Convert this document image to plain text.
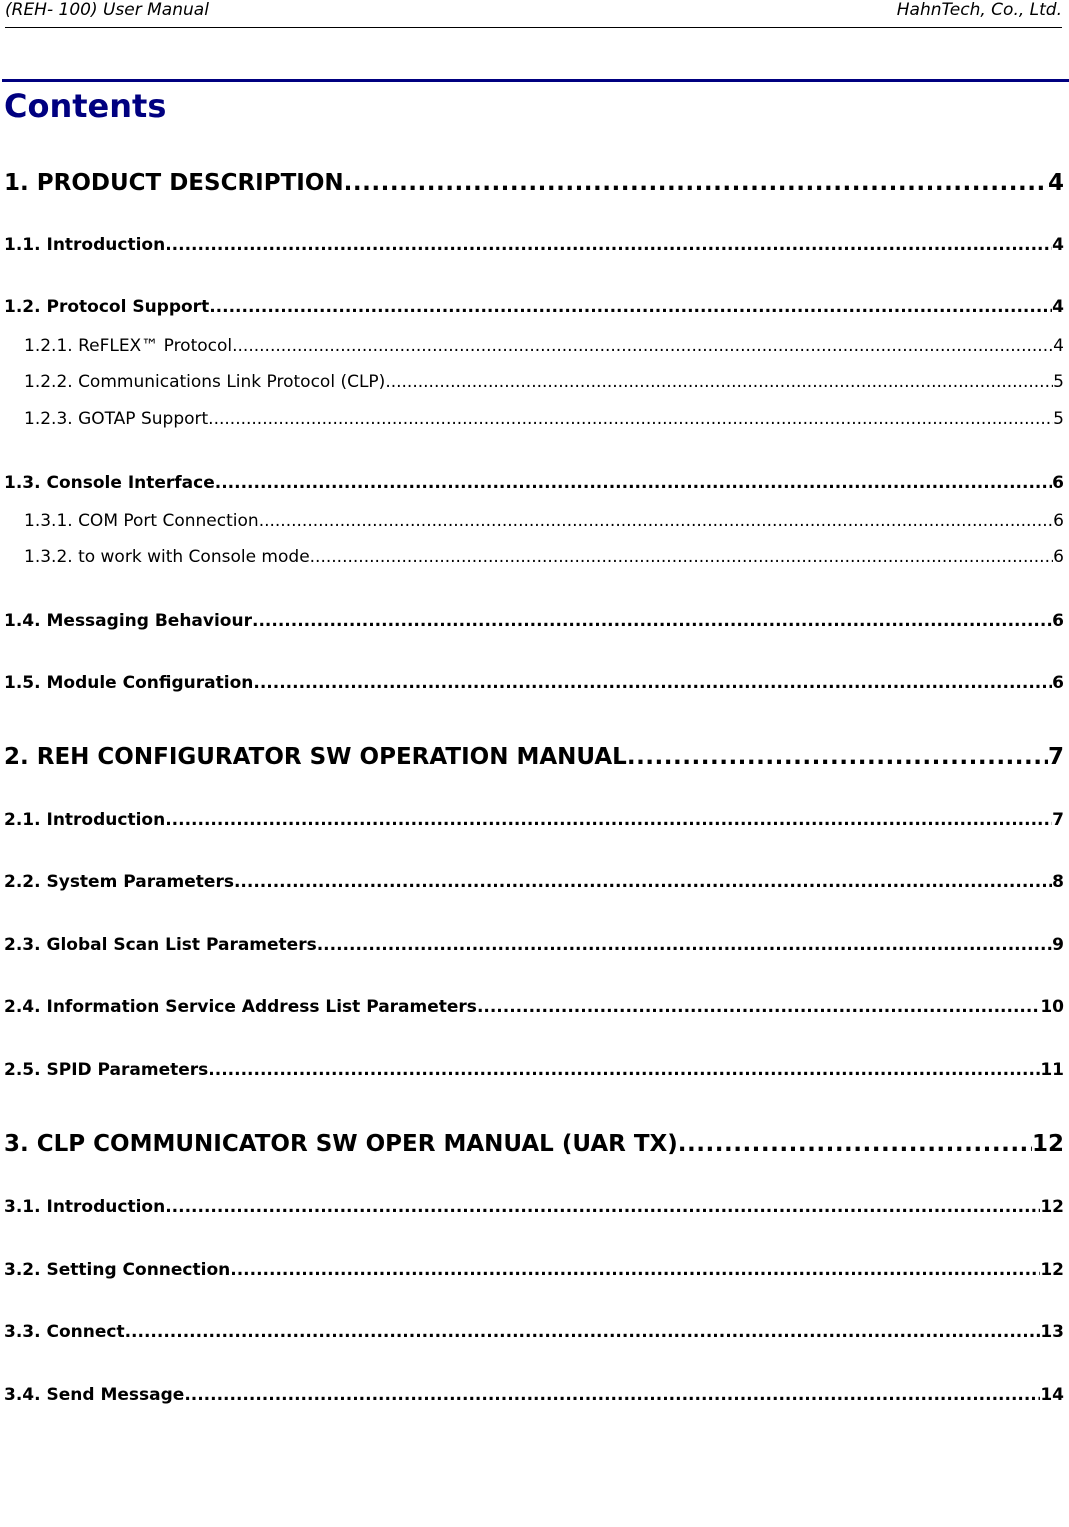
(REH- 100) User Manual	HahnTech, Co., Ltd.
Contents
1. PRODUCT DESCRIPTION .....	4
1.1. Introduction .....	4
1.2. Protocol Support .....	4
1.2.1. ReFLEX™ Protocol .....	4
1.2.2. Communications Link Protocol (CLP) .....	5
1.2.3. GOTAP Support .....	5
1.3. Console Interface .....	6
1.3.1. COM Port Connection .....	6
1.3.2. to work with Console mode .....	6
1.4. Messaging Behaviour .....	6
1.5. Module Configuration .....	6
2. REH CONFIGURATOR SW OPERATION MANUAL .....	7
2.1. Introduction .....	7
2.2. System Parameters .....	8
2.3. Global Scan List Parameters .....	9
2.4. Information Service Address List Parameters .....	10
2.5. SPID Parameters .....	11
3. CLP COMMUNICATOR SW OPER MANUAL (UAR TX) .....	12
3.1. Introduction .....	12
3.2. Setting Connection .....	12
3.3. Connect .....	13
3.4. Send Message .....	14
